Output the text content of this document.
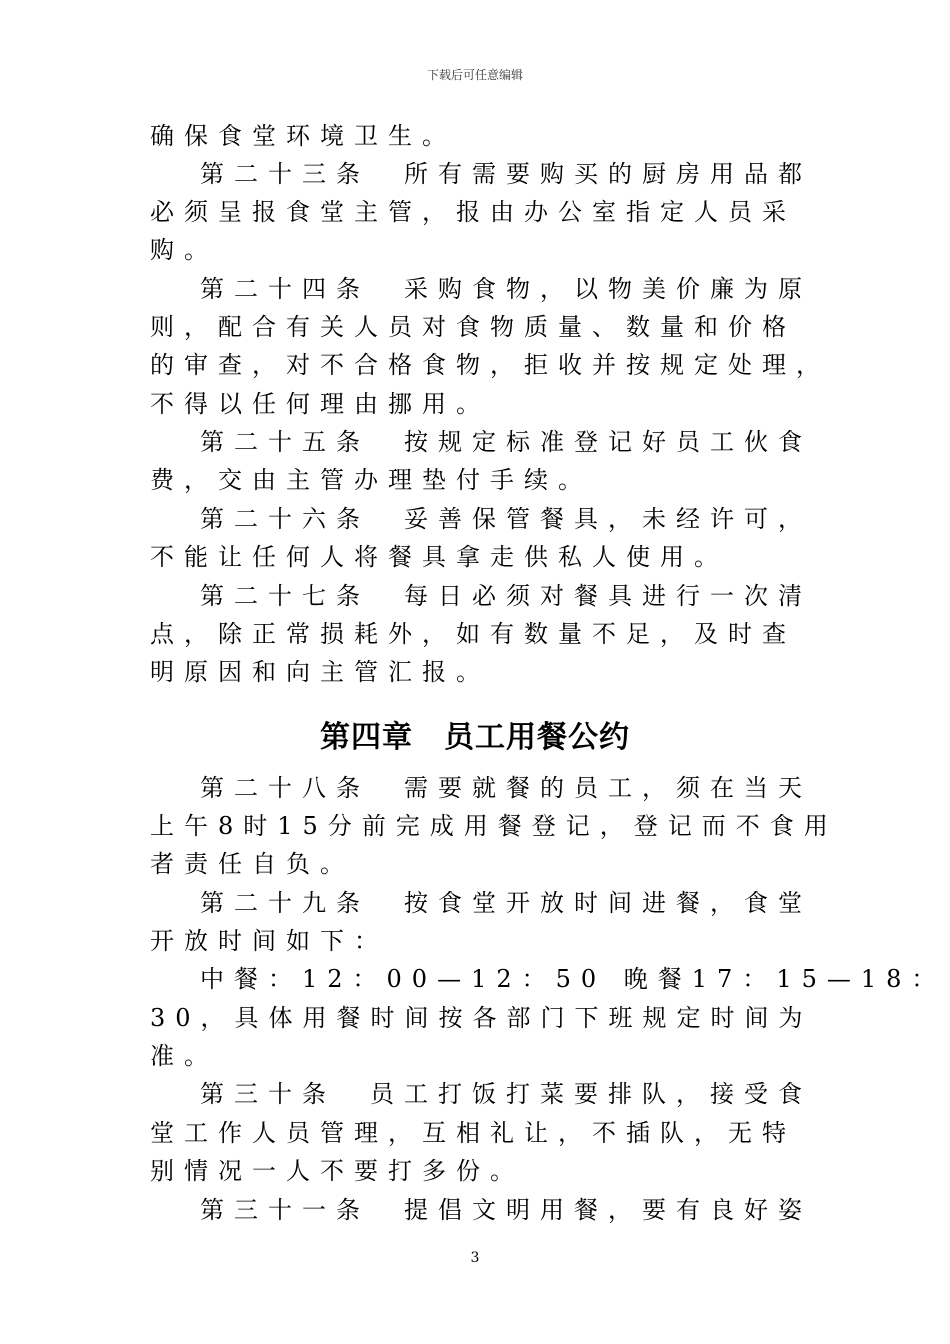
下载后可任意编辑
确保食堂环境卫生。
第二十三条　所有需要购买的厨房用品都
必须呈报食堂主管，报由办公室指定人员采
购。
第二十四条　采购食物，以物美价廉为原
则，配合有关人员对食物质量、数量和价格
的审查，对不合格食物，拒收并按规定处理，
不得以任何理由挪用。
第二十五条　按规定标准登记好员工伙食
费，交由主管办理垫付手续。
第二十六条　妥善保管餐具，未经许可，
不能让任何人将餐具拿走供私人使用。
第二十七条　每日必须对餐具进行一次清
点，除正常损耗外，如有数量不足，及时查
明原因和向主管汇报。
第四章　员工用餐公约
第二十八条　需要就餐的员工，须在当天
上午8时15分前完成用餐登记，登记而不食用
者责任自负。
第二十九条　按食堂开放时间进餐，食堂
开放时间如下：
中餐：12：00—12：50 晚餐17：15—18：
30，具体用餐时间按各部门下班规定时间为
准。
第三十条　员工打饭打菜要排队，接受食
堂工作人员管理，互相礼让，不插队，无特
别情况一人不要打多份。
第三十一条　提倡文明用餐，要有良好姿
3
